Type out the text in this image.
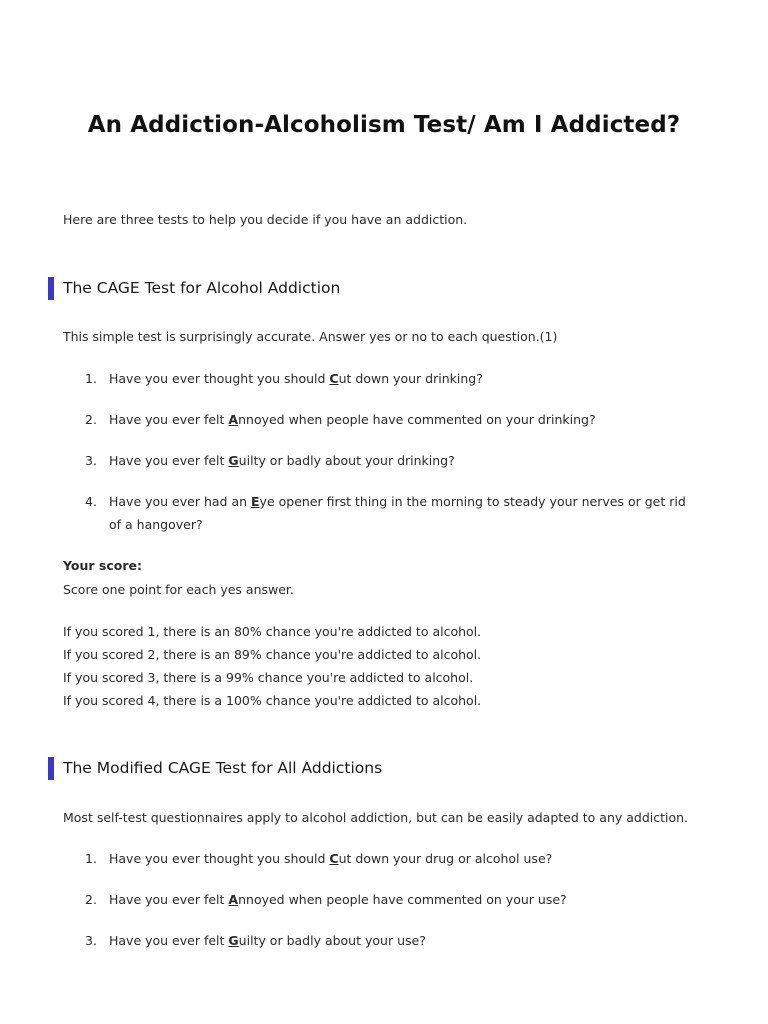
An Addiction-Alcoholism Test/ Am I Addicted?
Here are three tests to help you decide if you have an addiction.
The CAGE Test for Alcohol Addiction
This simple test is surprisingly accurate. Answer yes or no to each question.(1)
1. Have you ever thought you should Cut down your drinking?
2. Have you ever felt Annoyed when people have commented on your drinking?
3. Have you ever felt Guilty or badly about your drinking?
4. Have you ever had an Eye opener first thing in the morning to steady your nerves or get rid of a hangover?
Your score:
Score one point for each yes answer.
If you scored 1, there is an 80% chance you're addicted to alcohol.
If you scored 2, there is an 89% chance you're addicted to alcohol.
If you scored 3, there is a 99% chance you're addicted to alcohol.
If you scored 4, there is a 100% chance you're addicted to alcohol.
The Modified CAGE Test for All Addictions
Most self-test questionnaires apply to alcohol addiction, but can be easily adapted to any addiction.
1. Have you ever thought you should Cut down your drug or alcohol use?
2. Have you ever felt Annoyed when people have commented on your use?
3. Have you ever felt Guilty or badly about your use?
